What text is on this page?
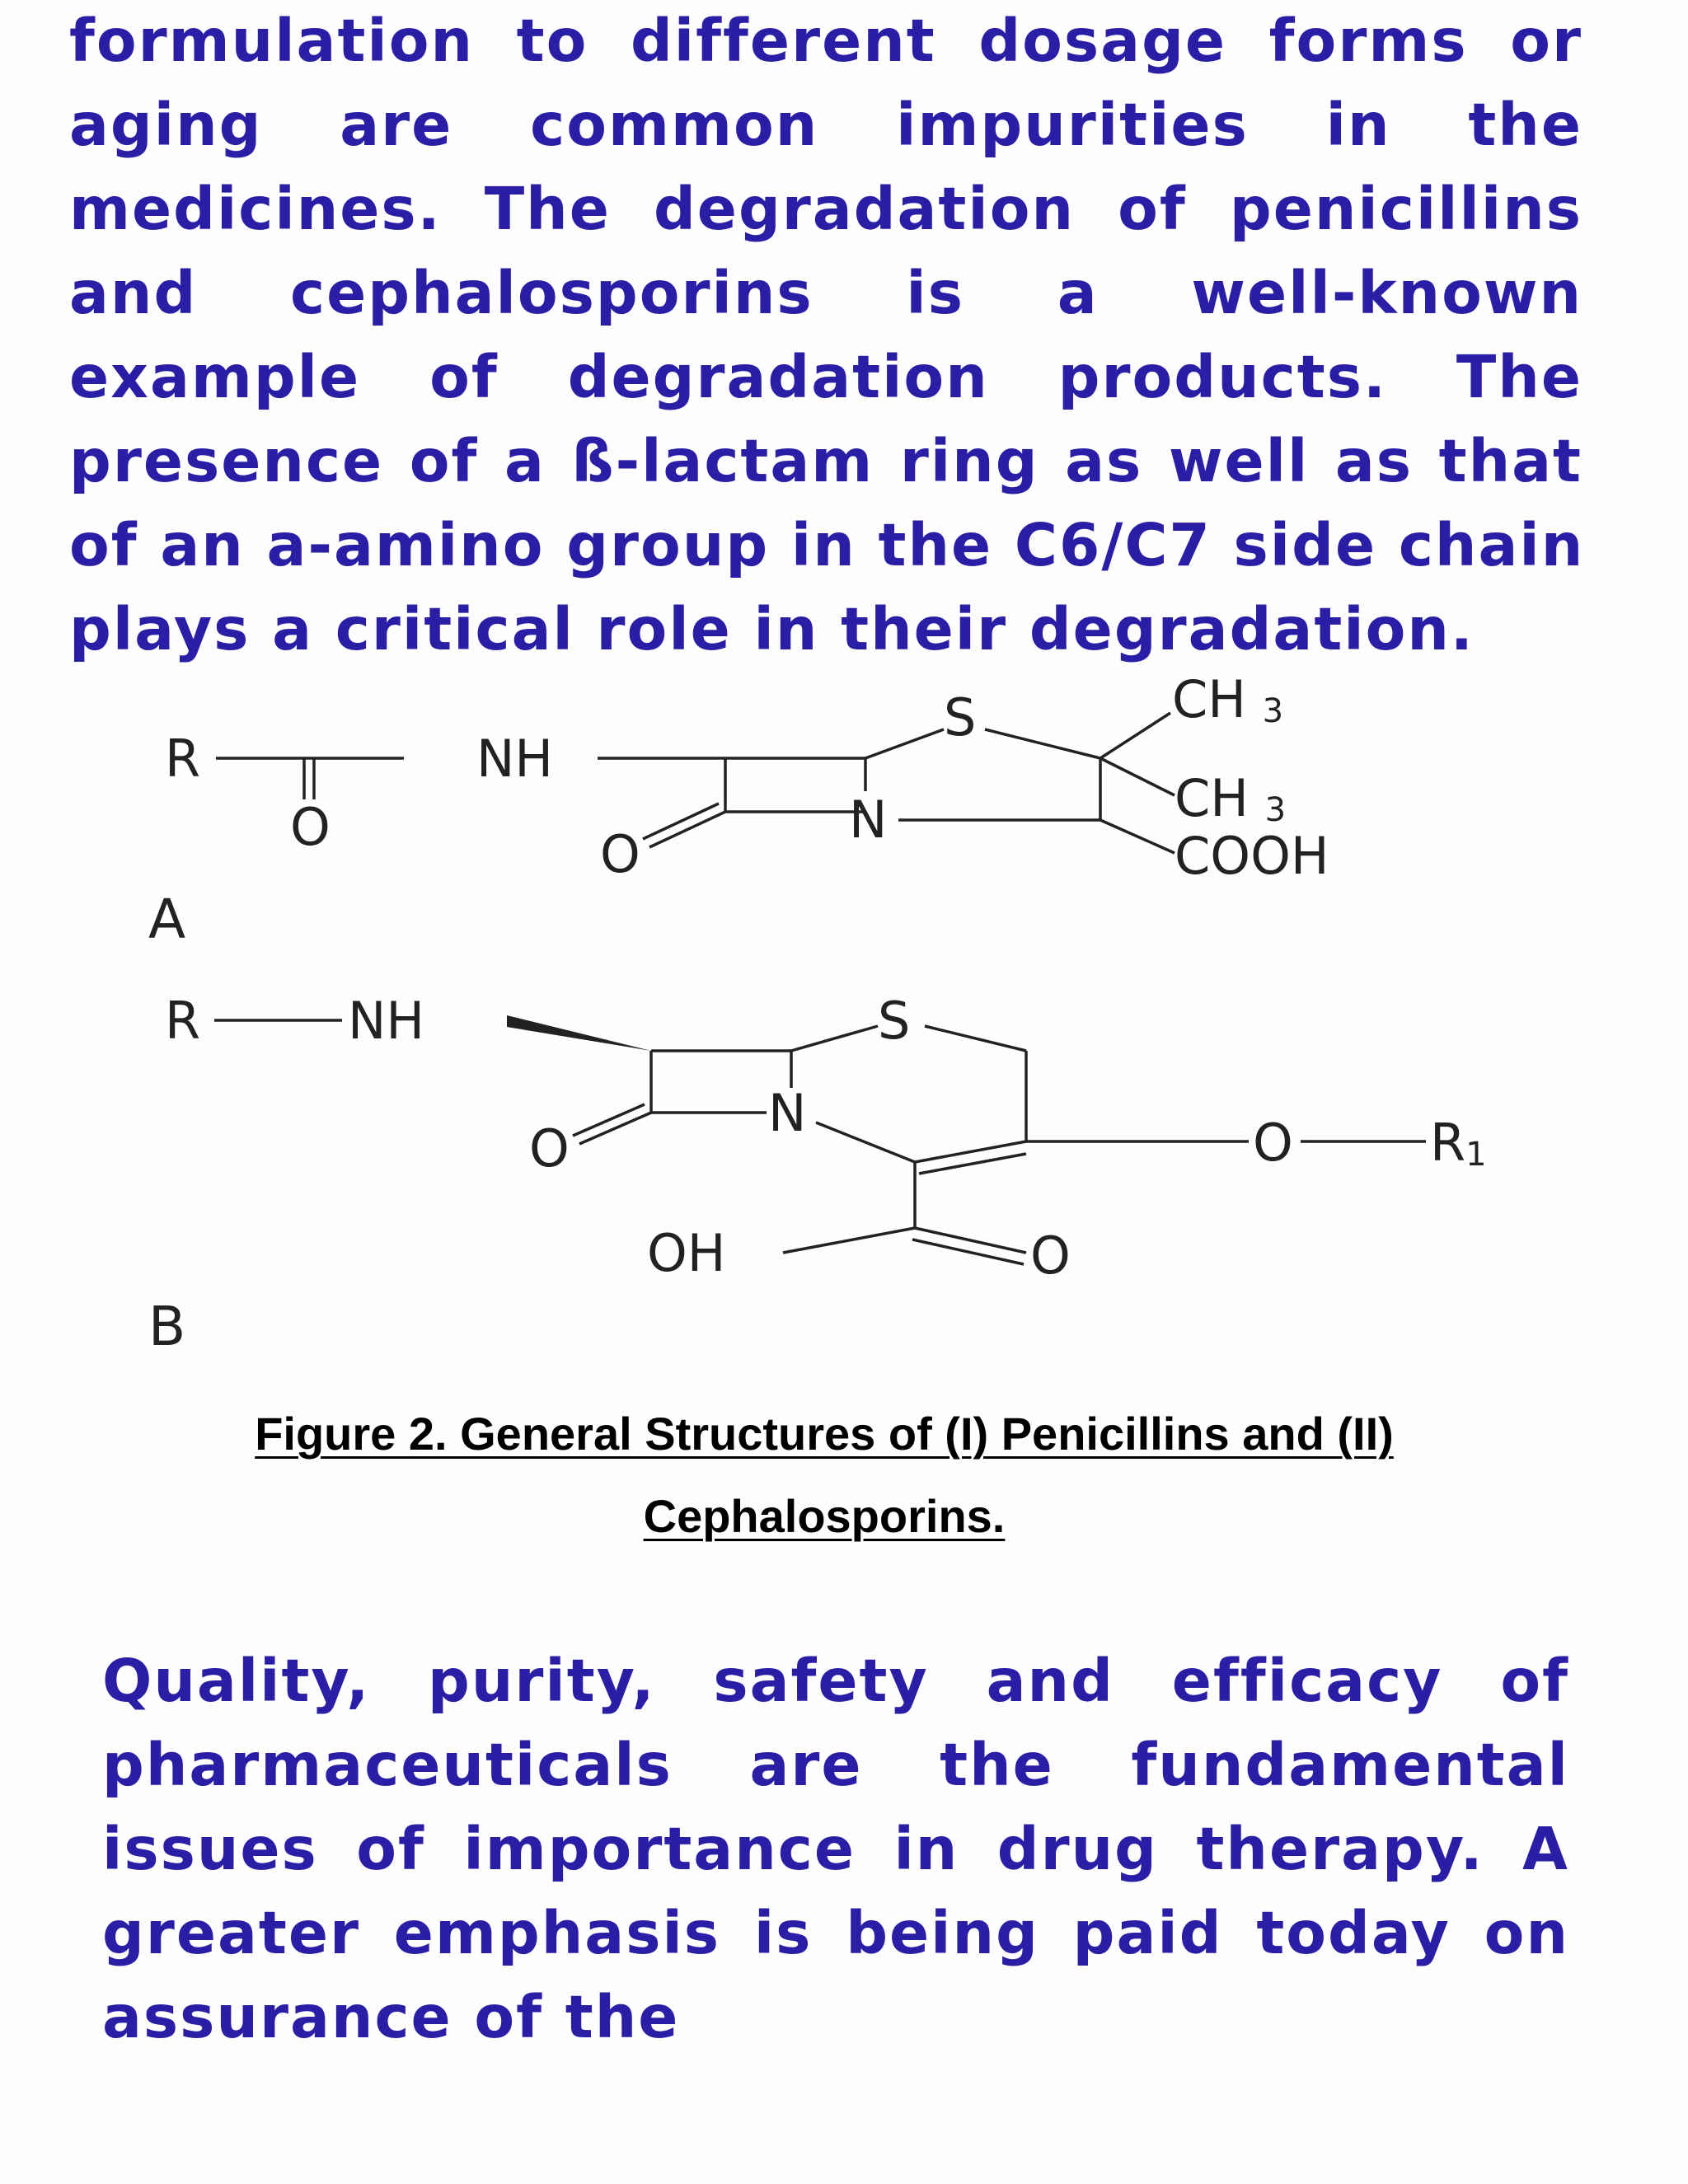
formulation to different dosage forms or
aging are common impurities in the
medicines. The degradation of penicillins
and cephalosporins is a well-known
example of degradation products. The
presence of a ß-lactam ring as well as that
of an a-amino group in the C6/C7 side chain
plays a critical role in their degradation.
R
O
NH
O
N
S	CH 3
CH 3
COOH
A
R	NH
O
N
S
O	R1
OH	O
B
Figure 2. General Structures of (I) Penicillins and (II)
Cephalosporins.
Quality, purity, safety and efficacy of
pharmaceuticals are the fundamental
issues of importance in drug therapy. A
greater emphasis is being paid today on
assurance of the
